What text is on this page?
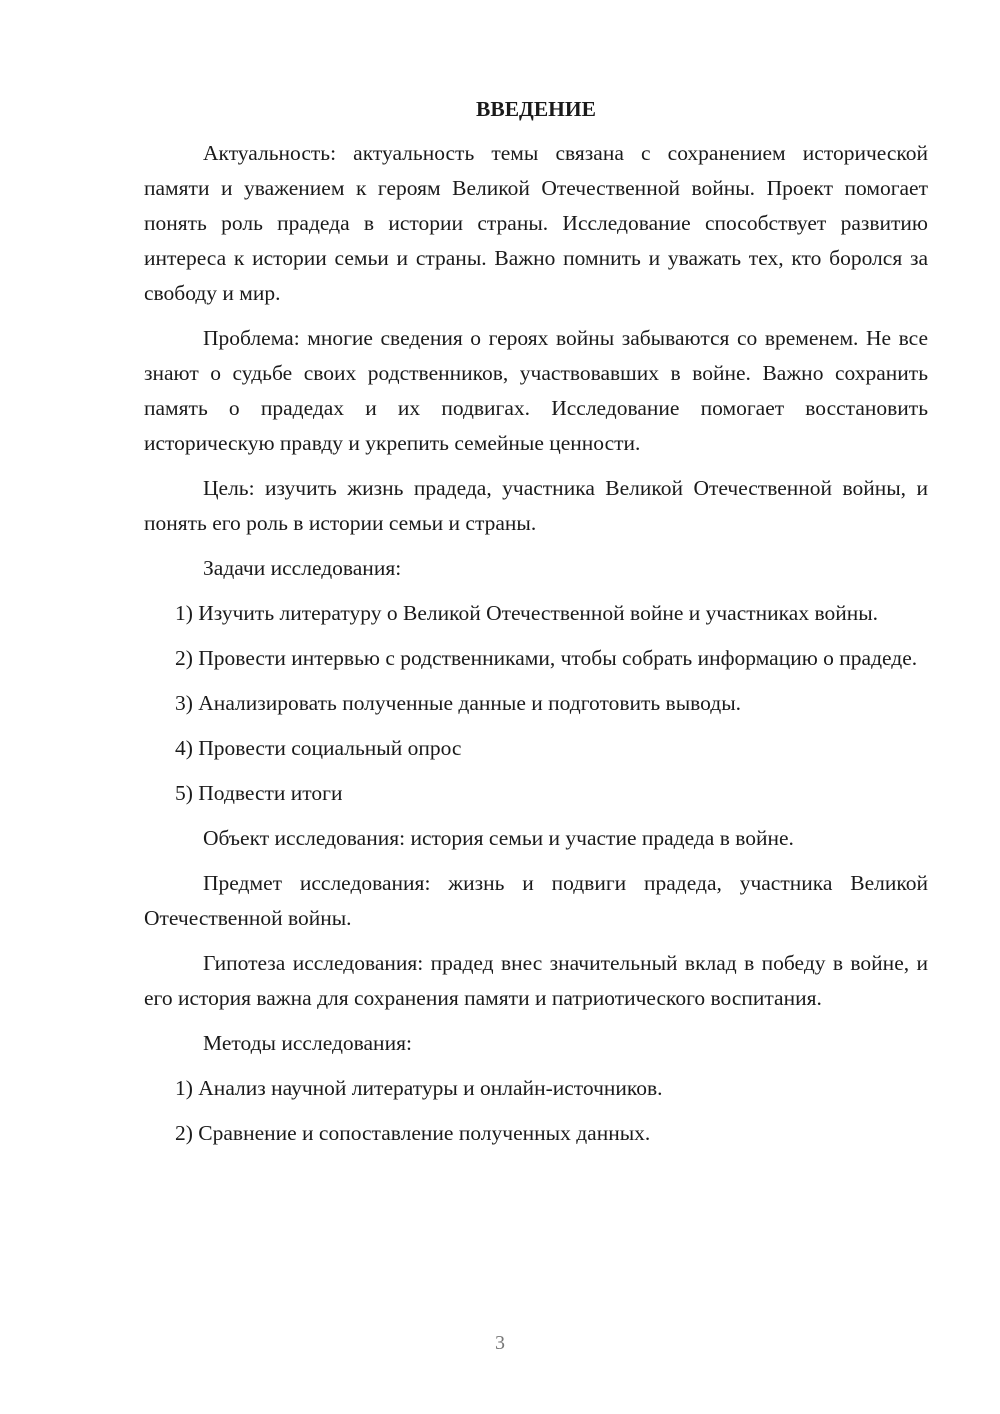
ВВЕДЕНИЕ

Актуальность: актуальность темы связана с сохранением исторической памяти и уважением к героям Великой Отечественной войны. Проект помогает понять роль прадеда в истории страны. Исследование способствует развитию интереса к истории семьи и страны. Важно помнить и уважать тех, кто боролся за свободу и мир.

Проблема: многие сведения о героях войны забываются со временем. Не все знают о судьбе своих родственников, участвовавших в войне. Важно сохранить память о прадедах и их подвигах. Исследование помогает восстановить историческую правду и укрепить семейные ценности.

Цель: изучить жизнь прадеда, участника Великой Отечественной войны, и понять его роль в истории семьи и страны.

Задачи исследования:

1) Изучить литературу о Великой Отечественной войне и участниках войны.

2) Провести интервью с родственниками, чтобы собрать информацию о прадеде.

3) Анализировать полученные данные и подготовить выводы.

4) Провести социальный опрос

5) Подвести итоги

Объект исследования: история семьи и участие прадеда в войне.

Предмет исследования: жизнь и подвиги прадеда, участника Великой Отечественной войны.

Гипотеза исследования: прадед внес значительный вклад в победу в войне, и его история важна для сохранения памяти и патриотического воспитания.

Методы исследования:

1) Анализ научной литературы и онлайн-источников.

2) Сравнение и сопоставление полученных данных.

3
